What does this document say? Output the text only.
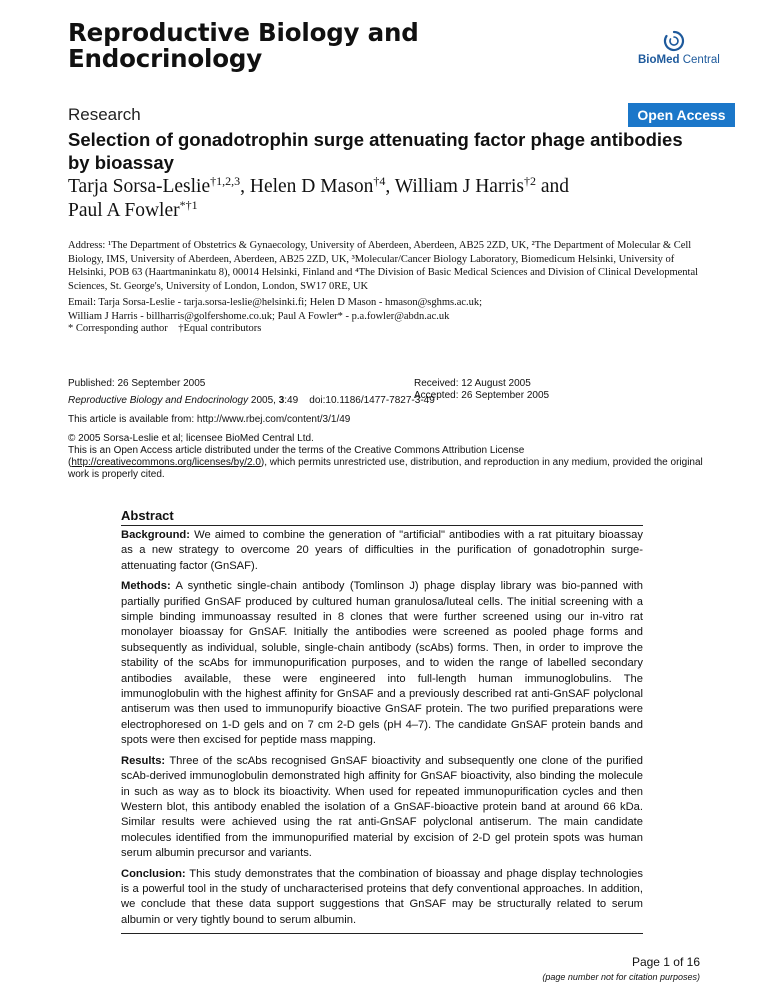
Reproductive Biology and
Endocrinology	BioMed Central
Research	Open Access
Selection of gonadotrophin surge attenuating factor phage antibodies by bioassay
Tarja Sorsa-Leslie$^{\dagger 1,2,3}$, Helen D Mason$^{\dagger 4}$, William J Harris$^{\dagger 2}$ and
Paul A Fowler$^{*\dagger 1}$
Address: ¹The Department of Obstetrics & Gynaecology, University of Aberdeen, Aberdeen, AB25 2ZD, UK, ²The Department of Molecular & Cell Biology, IMS, University of Aberdeen, Aberdeen, AB25 2ZD, UK, ³Molecular/Cancer Biology Laboratory, Biomedicum Helsinki, University of Helsinki, POB 63 (Haartmaninkatu 8), 00014 Helsinki, Finland and ⁴The Division of Basic Medical Sciences and Division of Clinical Developmental Sciences, St. George's, University of London, London, SW17 0RE, UK
Email: Tarja Sorsa-Leslie - tarja.sorsa-leslie@helsinki.fi; Helen D Mason - hmason@sghms.ac.uk;
William J Harris - billharris@golfershome.co.uk; Paul A Fowler* - p.a.fowler@abdn.ac.uk
* Corresponding author    †Equal contributors
Published: 26 September 2005
Reproductive Biology and Endocrinology 2005, 3:49    doi:10.1186/1477-7827-3-49
Received: 12 August 2005
Accepted: 26 September 2005
This article is available from: http://www.rbej.com/content/3/1/49
© 2005 Sorsa-Leslie et al; licensee BioMed Central Ltd.
This is an Open Access article distributed under the terms of the Creative Commons Attribution License (http://creativecommons.org/licenses/by/2.0), which permits unrestricted use, distribution, and reproduction in any medium, provided the original work is properly cited.
Abstract

Background: We aimed to combine the generation of "artificial" antibodies with a rat pituitary bioassay as a new strategy to overcome 20 years of difficulties in the purification of gonadotrophin surge-attenuating factor (GnSAF).

Methods: A synthetic single-chain antibody (Tomlinson J) phage display library was bio-panned with partially purified GnSAF produced by cultured human granulosa/luteal cells. The initial screening with a simple binding immunoassay resulted in 8 clones that were further screened using our in-vitro rat monolayer bioassay for GnSAF. Initially the antibodies were screened as pooled phage forms and subsequently as individual, soluble, single-chain antibody (scAbs) forms. Then, in order to improve the stability of the scAbs for immunopurification purposes, and to widen the range of labelled secondary antibodies available, these were engineered into full-length human immunoglobulins. The immunoglobulin with the highest affinity for GnSAF and a previously described rat anti-GnSAF polyclonal antiserum was then used to immunopurify bioactive GnSAF protein. The two purified preparations were electrophoresed on 1-D gels and on 7 cm 2-D gels (pH 4–7). The candidate GnSAF protein bands and spots were then excised for peptide mass mapping.

Results: Three of the scAbs recognised GnSAF bioactivity and subsequently one clone of the purified scAb-derived immunoglobulin demonstrated high affinity for GnSAF bioactivity, also binding the molecule in such as way as to block its bioactivity. When used for repeated immunopurification cycles and then Western blot, this antibody enabled the isolation of a GnSAF-bioactive protein band at around 66 kDa. Similar results were achieved using the rat anti-GnSAF polyclonal antiserum. The main candidate molecules identified from the immunopurified material by excision of 2-D gel protein spots was human serum albumin precursor and variants.

Conclusion: This study demonstrates that the combination of bioassay and phage display technologies is a powerful tool in the study of uncharacterised proteins that defy conventional approaches. In addition, we conclude that these data support suggestions that GnSAF may be structurally related to serum albumin or very tightly bound to serum albumin.

Page 1 of 16
(page number not for citation purposes)
